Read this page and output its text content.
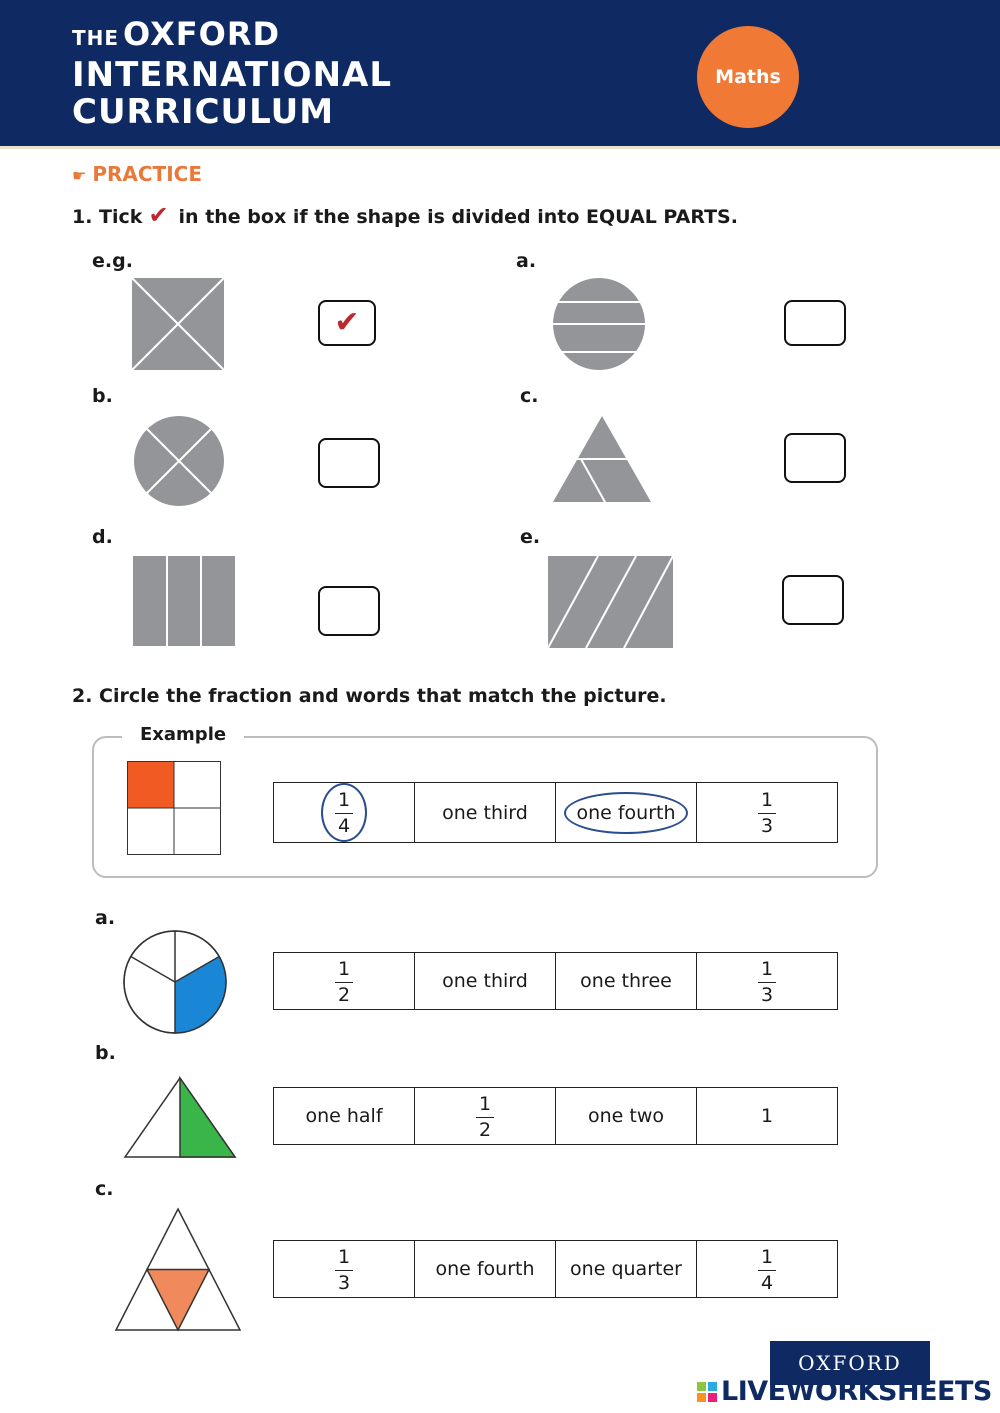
THE OXFORD
INTERNATIONAL
CURRICULUM
Maths
☛ PRACTICE
1. Tick ✔ in the box if the shape is divided into EQUAL PARTS.
e.g.
✔
a.
b.	c.
d.	e.
2. Circle the fraction and words that match the picture.
Example
$\frac{1}{4}$	one third	one fourth	$\frac{1}{3}$
a.
$\frac{1}{2}$	one third	one three	$\frac{1}{3}$
b.
one half	$\frac{1}{2}$	one two	1
c.
$\frac{1}{3}$	one fourth	one quarter	$\frac{1}{4}$
OXFORD
LIVEWORKSHEETS
